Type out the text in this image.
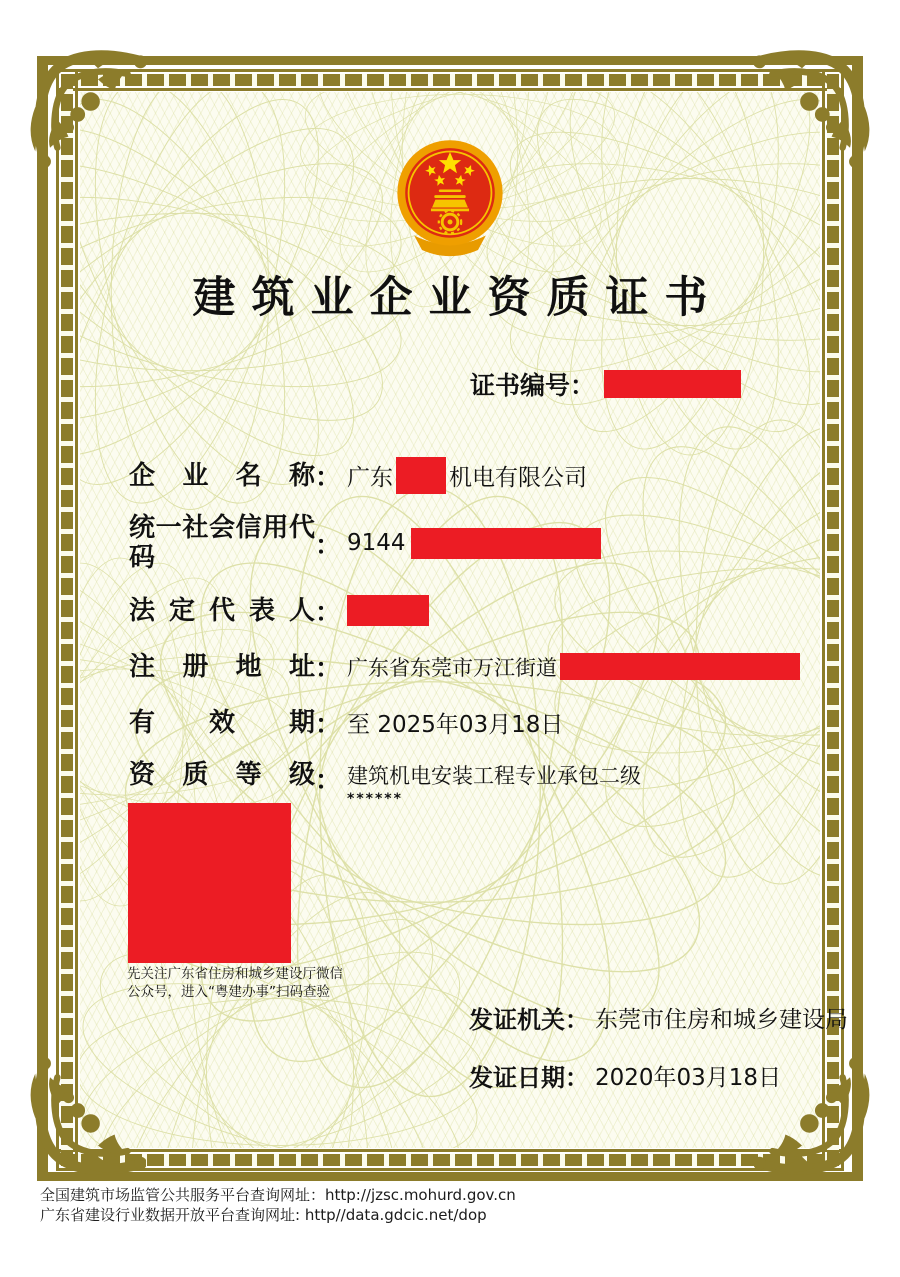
建筑业企业资质证书
证书编号 ：
企业名称 ： 广东 机电有限公司
统一社会信用代码	： 9144
法定代表人 ：
注册地址 ： 广东省东莞市万江街道
有效期 ： 至 2025年03月18日
资质等级 ： 建筑机电安装工程专业承包二级
******
先关注广东省住房和城乡建设厅微信
公众号，进入“粤建办事”扫码查验
发证机关 ： 东莞市住房和城乡建设局
发证日期 ： 2020年03月18日
全国建筑市场监管公共服务平台查询网址：http://jzsc.mohurd.gov.cn
广东省建设行业数据开放平台查询网址: http//data.gdcic.net/dop
